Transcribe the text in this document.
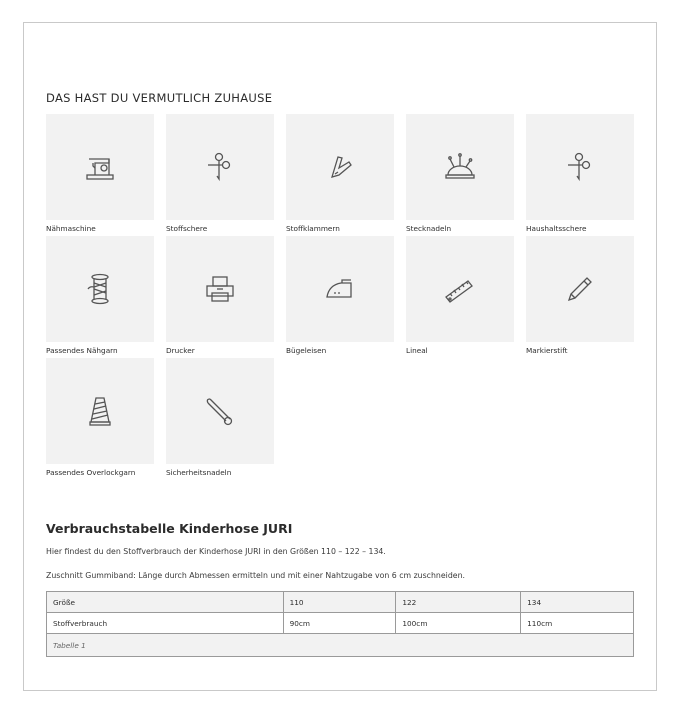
DAS HAST DU VERMUTLICH ZUHAUSE
Nähmaschine	Stoffschere	Stoffklammern	Stecknadeln	Haushaltsschere
Passendes Nähgarn	Drucker	Bügeleisen	Lineal	Markierstift
Passendes Overlockgarn	Sicherheitsnadeln
Verbrauchstabelle Kinderhose JURI

Hier findest du den Stoffverbrauch der Kinderhose JURI in den Größen 110 – 122 – 134.

Zuschnitt Gummiband: Länge durch Abmessen ermitteln und mit einer Nahtzugabe von 6 cm zuschneiden.

Größe	110	122	134
Stoffverbrauch	90cm	100cm	110cm
Tabelle 1			
